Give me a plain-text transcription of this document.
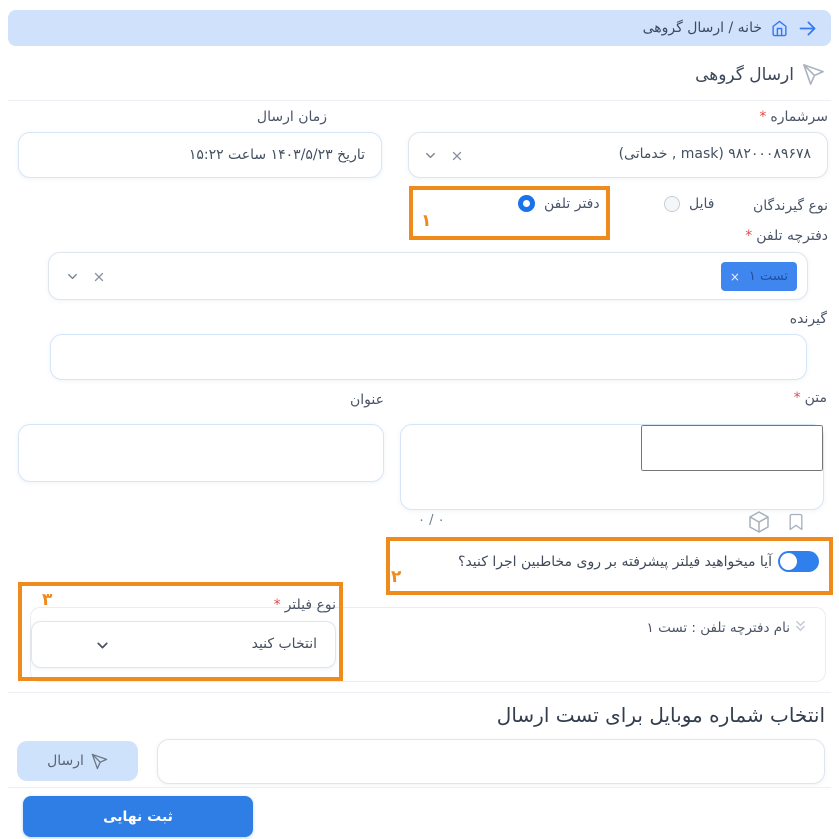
خانه / ارسال گروهی
ارسال گروهی
سرشماره*
۹۸۲۰۰۰۸۹۶۷۸ (mask , خدماتی)
زمان ارسال
تاریخ ۱۴۰۳/۵/۲۳ ساعت ۱۵:۲۲
نوع گیرندگان
فایل
دفتر تلفن
۱
دفترچه تلفن*
تست ۱
×
گیرنده
متن*
عنوان
۰ / ۰
آیا میخواهید فیلتر پیشرفته بر روی مخاطبین اجرا کنید؟
۲
نام دفترچه تلفن : تست ۱
نوع فیلتر*
انتخاب کنید
۳
انتخاب شماره موبایل برای تست ارسال
ارسال
ثبت نهایی
